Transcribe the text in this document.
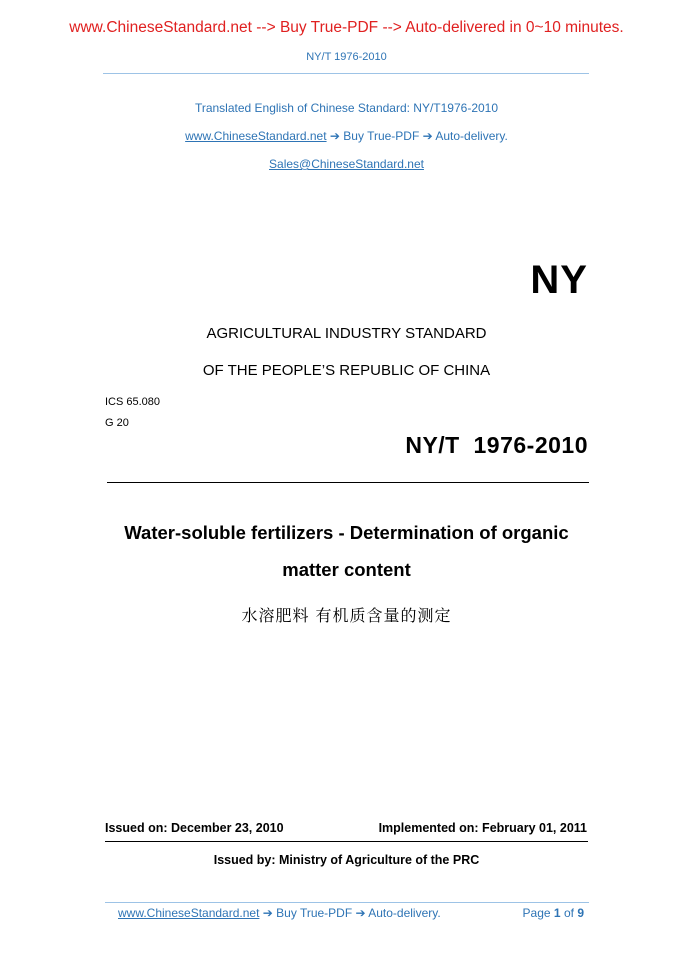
www.ChineseStandard.net --> Buy True-PDF --> Auto-delivered in 0~10 minutes.
NY/T 1976-2010
Translated English of Chinese Standard: NY/T1976-2010
www.ChineseStandard.net ➔ Buy True-PDF ➔ Auto-delivery.
Sales@ChineseStandard.net
NY
AGRICULTURAL INDUSTRY STANDARD
OF THE PEOPLE’S REPUBLIC OF CHINA
ICS 65.080
G 20
NY/T  1976-2010
Water-soluble fertilizers - Determination of organic
matter content
水溶肥料 有机质含量的测定
Issued on: December 23, 2010	Implemented on: February 01, 2011
Issued by: Ministry of Agriculture of the PRC
www.ChineseStandard.net ➔ Buy True-PDF ➔ Auto-delivery.	Page 1 of 9
